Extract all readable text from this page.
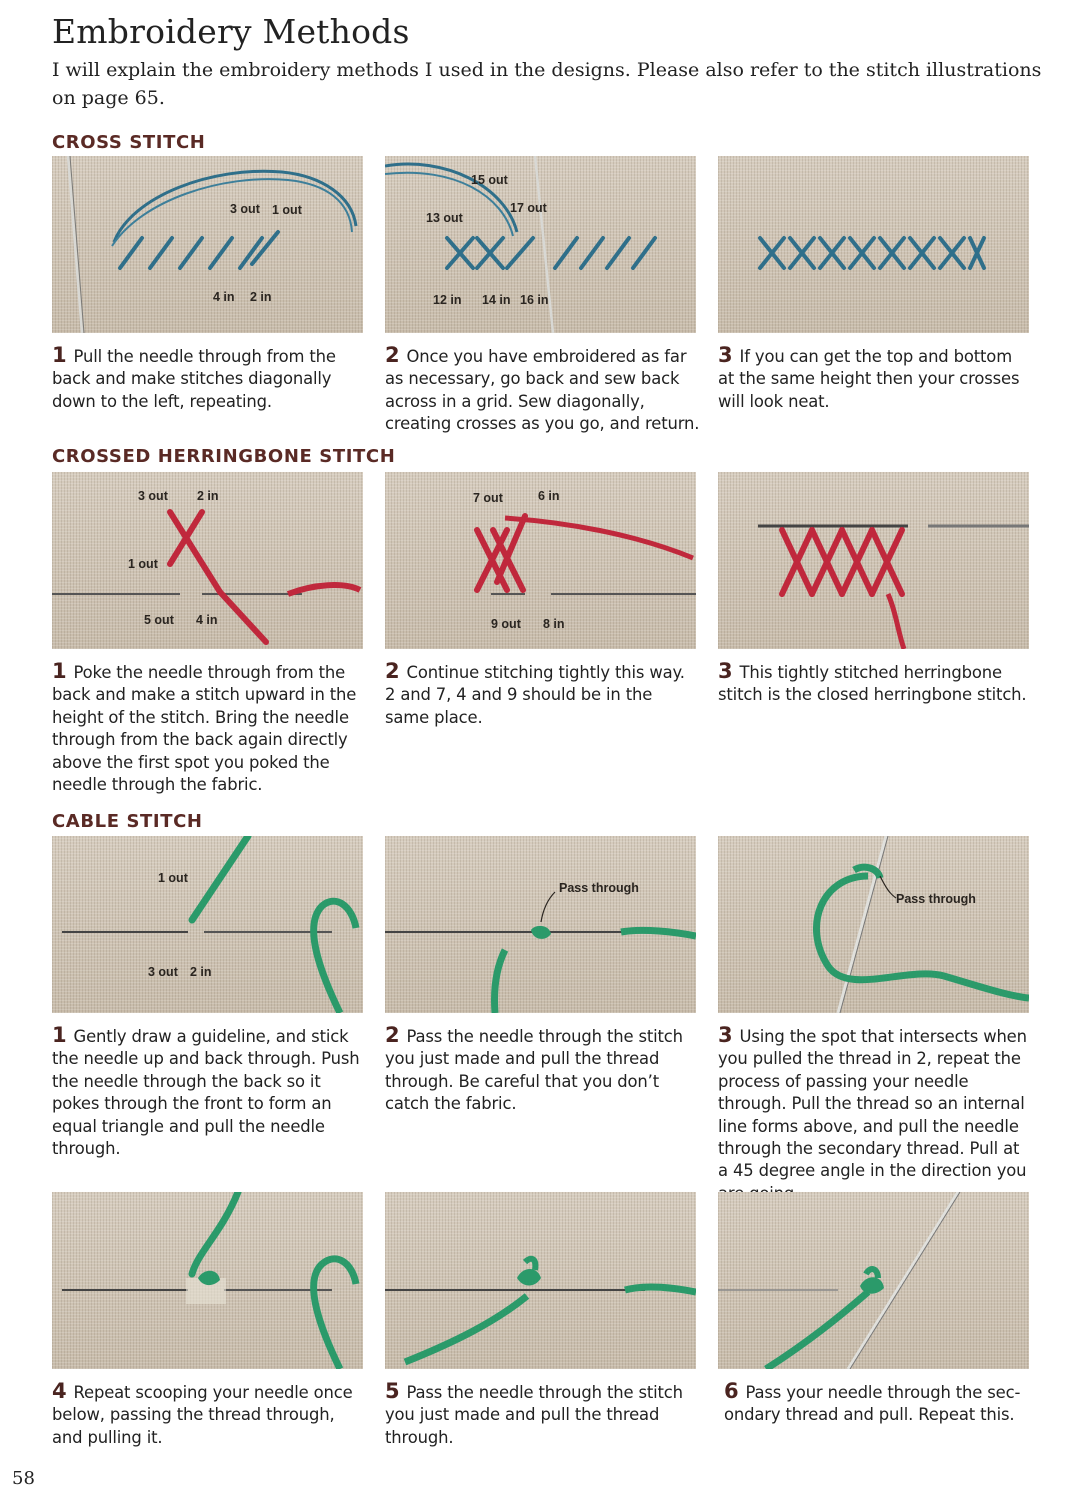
Embroidery Methods

I will explain the embroidery methods I used in the designs. Please also refer to the stitch illustrations on page 65.

CROSS STITCH
3 out 1 out
4 in 2 in

1 Pull the needle through from the back and make stitches diagonally down to the left, repeating.

15 out
13 out
17 out
12 in 14 in 16 in

2 Once you have embroidered as far as necessary, go back and sew back across in a grid. Sew diagonally, creating crosses as you go, and return.

3 If you can get the top and bottom at the same height then your crosses will look neat.

CROSSED HERRINGBONE STITCH
3 out 2 in
1 out
5 out 4 in

1 Poke the needle through from the back and make a stitch upward in the height of the stitch. Bring the needle through from the back again directly above the first spot you poked the needle through the fabric.

7 out	6 in
9 out 8 in

2 Continue stitching tightly this way. 2 and 7, 4 and 9 should be in the same place.

3 This tightly stitched herringbone stitch is the closed herringbone stitch.

CABLE STITCH
1 out
3 out 2 in

1 Gently draw a guideline, and stick the needle up and back through. Push the needle through the back so it pokes through the front to form an equal triangle and pull the needle through.

Pass through

2 Pass the needle through the stitch you just made and pull the thread through. Be careful that you don’t catch the fabric.

Pass through

3 Using the spot that intersects when you pulled the thread in 2, repeat the process of passing your needle through. Pull the thread so an internal line forms above, and pull the needle through the secondary thread. Pull at a 45 degree angle in the direction you

4 Repeat scooping your needle once below, passing the thread through, and pulling it.

5 Pass the needle through the stitch you just made and pull the thread through.

6 Pass your needle through the sec-ondary thread and pull. Repeat this.

58
